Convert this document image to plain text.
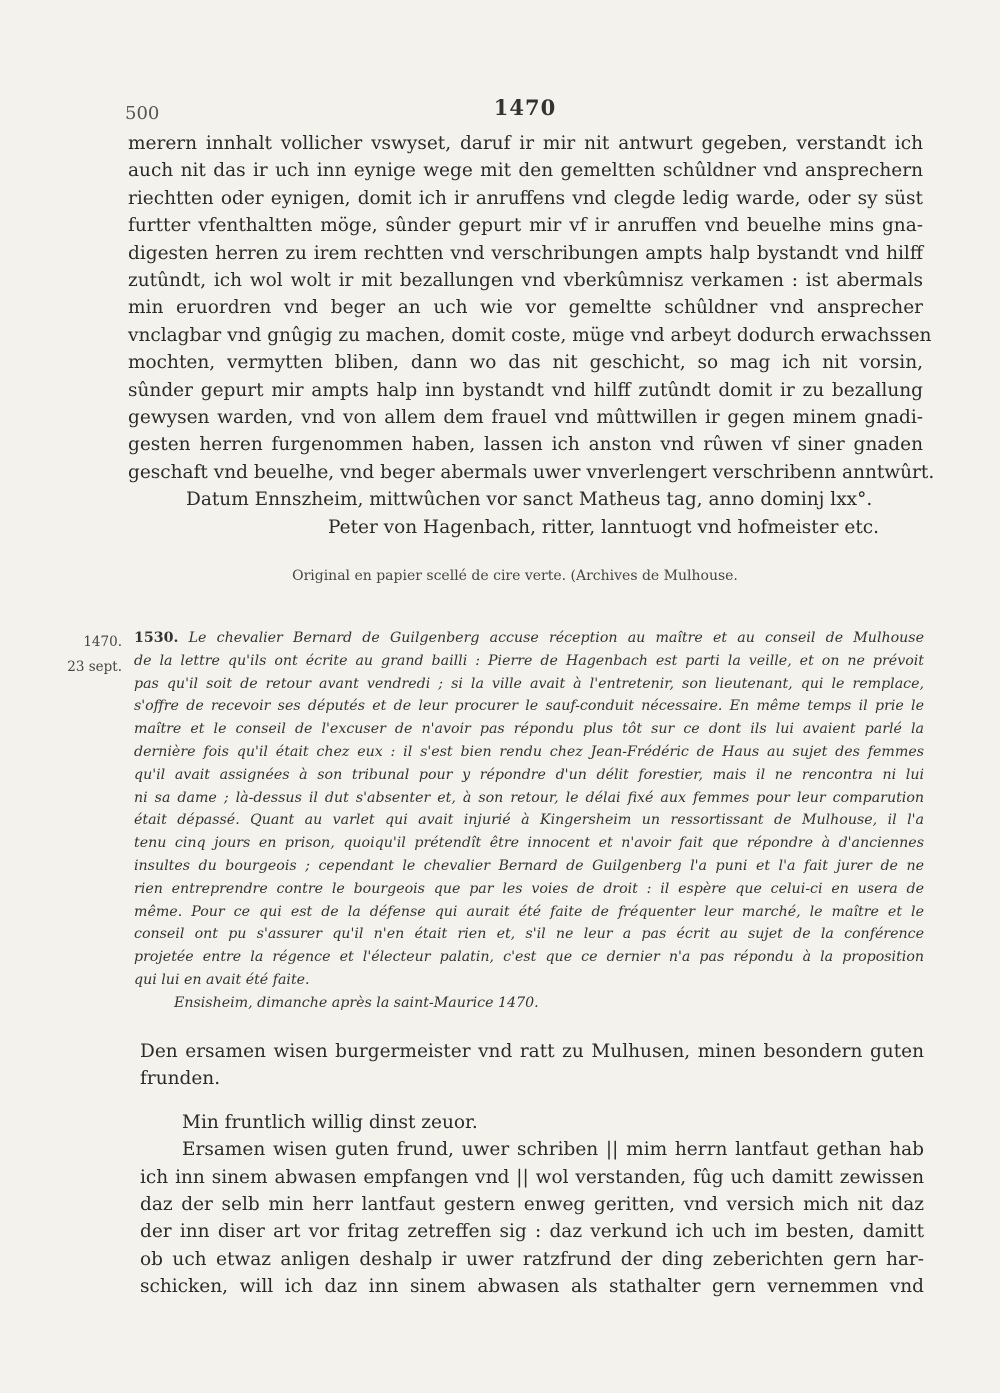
500	1470
merern innhalt vollicher vswyset, daruf ir mir nit antwurt gegeben, verstandt ich
auch nit das ir uch inn eynige wege mit den gemeltten schûldner vnd ansprechern
riechtten oder eynigen, domit ich ir anruffens vnd clegde ledig warde, oder sy süst
furtter vfenthaltten möge, sûnder gepurt mir vf ir anruffen vnd beuelhe mins gna-
digesten herren zu irem rechtten vnd verschribungen ampts halp bystandt vnd hilff
zutûndt, ich wol wolt ir mit bezallungen vnd vberkûmnisz verkamen : ist abermals
min eruordren vnd beger an uch wie vor gemeltte schûldner vnd ansprecher
vnclagbar vnd gnûgig zu machen, domit coste, müge vnd arbeyt dodurch erwachssen
mochten, vermytten bliben, dann wo das nit geschicht, so mag ich nit vorsin,
sûnder gepurt mir ampts halp inn bystandt vnd hilff zutûndt domit ir zu bezallung
gewysen warden, vnd von allem dem frauel vnd mûttwillen ir gegen minem gnadi-
gesten herren furgenommen haben, lassen ich anston vnd rûwen vf siner gnaden
geschaft vnd beuelhe, vnd beger abermals uwer vnverlengert verschribenn anntwûrt.
Datum Ennszheim, mittwûchen vor sanct Matheus tag, anno dominj lxx°.
Peter von Hagenbach, ritter, lanntuogt vnd hofmeister etc.
Original en papier scellé de cire verte. (Archives de Mulhouse.
1470.
23 sept.
1530. Le chevalier Bernard de Guilgenberg accuse réception au maître et au conseil de Mulhouse
de la lettre qu'ils ont écrite au grand bailli : Pierre de Hagenbach est parti la veille, et on ne prévoit
pas qu'il soit de retour avant vendredi ; si la ville avait à l'entretenir, son lieutenant, qui le remplace,
s'offre de recevoir ses députés et de leur procurer le sauf-conduit nécessaire. En même temps il prie le
maître et le conseil de l'excuser de n'avoir pas répondu plus tôt sur ce dont ils lui avaient parlé la
dernière fois qu'il était chez eux : il s'est bien rendu chez Jean-Frédéric de Haus au sujet des femmes
qu'il avait assignées à son tribunal pour y répondre d'un délit forestier, mais il ne rencontra ni lui
ni sa dame ; là-dessus il dut s'absenter et, à son retour, le délai fixé aux femmes pour leur comparution
était dépassé. Quant au varlet qui avait injurié à Kingersheim un ressortissant de Mulhouse, il l'a
tenu cinq jours en prison, quoiqu'il prétendît être innocent et n'avoir fait que répondre à d'anciennes
insultes du bourgeois ; cependant le chevalier Bernard de Guilgenberg l'a puni et l'a fait jurer de ne
rien entreprendre contre le bourgeois que par les voies de droit : il espère que celui-ci en usera de
même. Pour ce qui est de la défense qui aurait été faite de fréquenter leur marché, le maître et le
conseil ont pu s'assurer qu'il n'en était rien et, s'il ne leur a pas écrit au sujet de la conférence
projetée entre la régence et l'électeur palatin, c'est que ce dernier n'a pas répondu à la proposition
qui lui en avait été faite.
Ensisheim, dimanche après la saint-Maurice 1470.
Den ersamen wisen burgermeister vnd ratt zu Mulhusen, minen besondern guten
frunden.
Min fruntlich willig dinst zeuor.
Ersamen wisen guten frund, uwer schriben || mim herrn lantfaut gethan hab
ich inn sinem abwasen empfangen vnd || wol verstanden, fûg uch damitt zewissen
daz der selb min herr lantfaut gestern enweg geritten, vnd versich mich nit daz
der inn diser art vor fritag zetreffen sig : daz verkund ich uch im besten, damitt
ob uch etwaz anligen deshalp ir uwer ratzfrund der ding zeberichten gern har-
schicken, will ich daz inn sinem abwasen als stathalter gern vernemmen vnd
